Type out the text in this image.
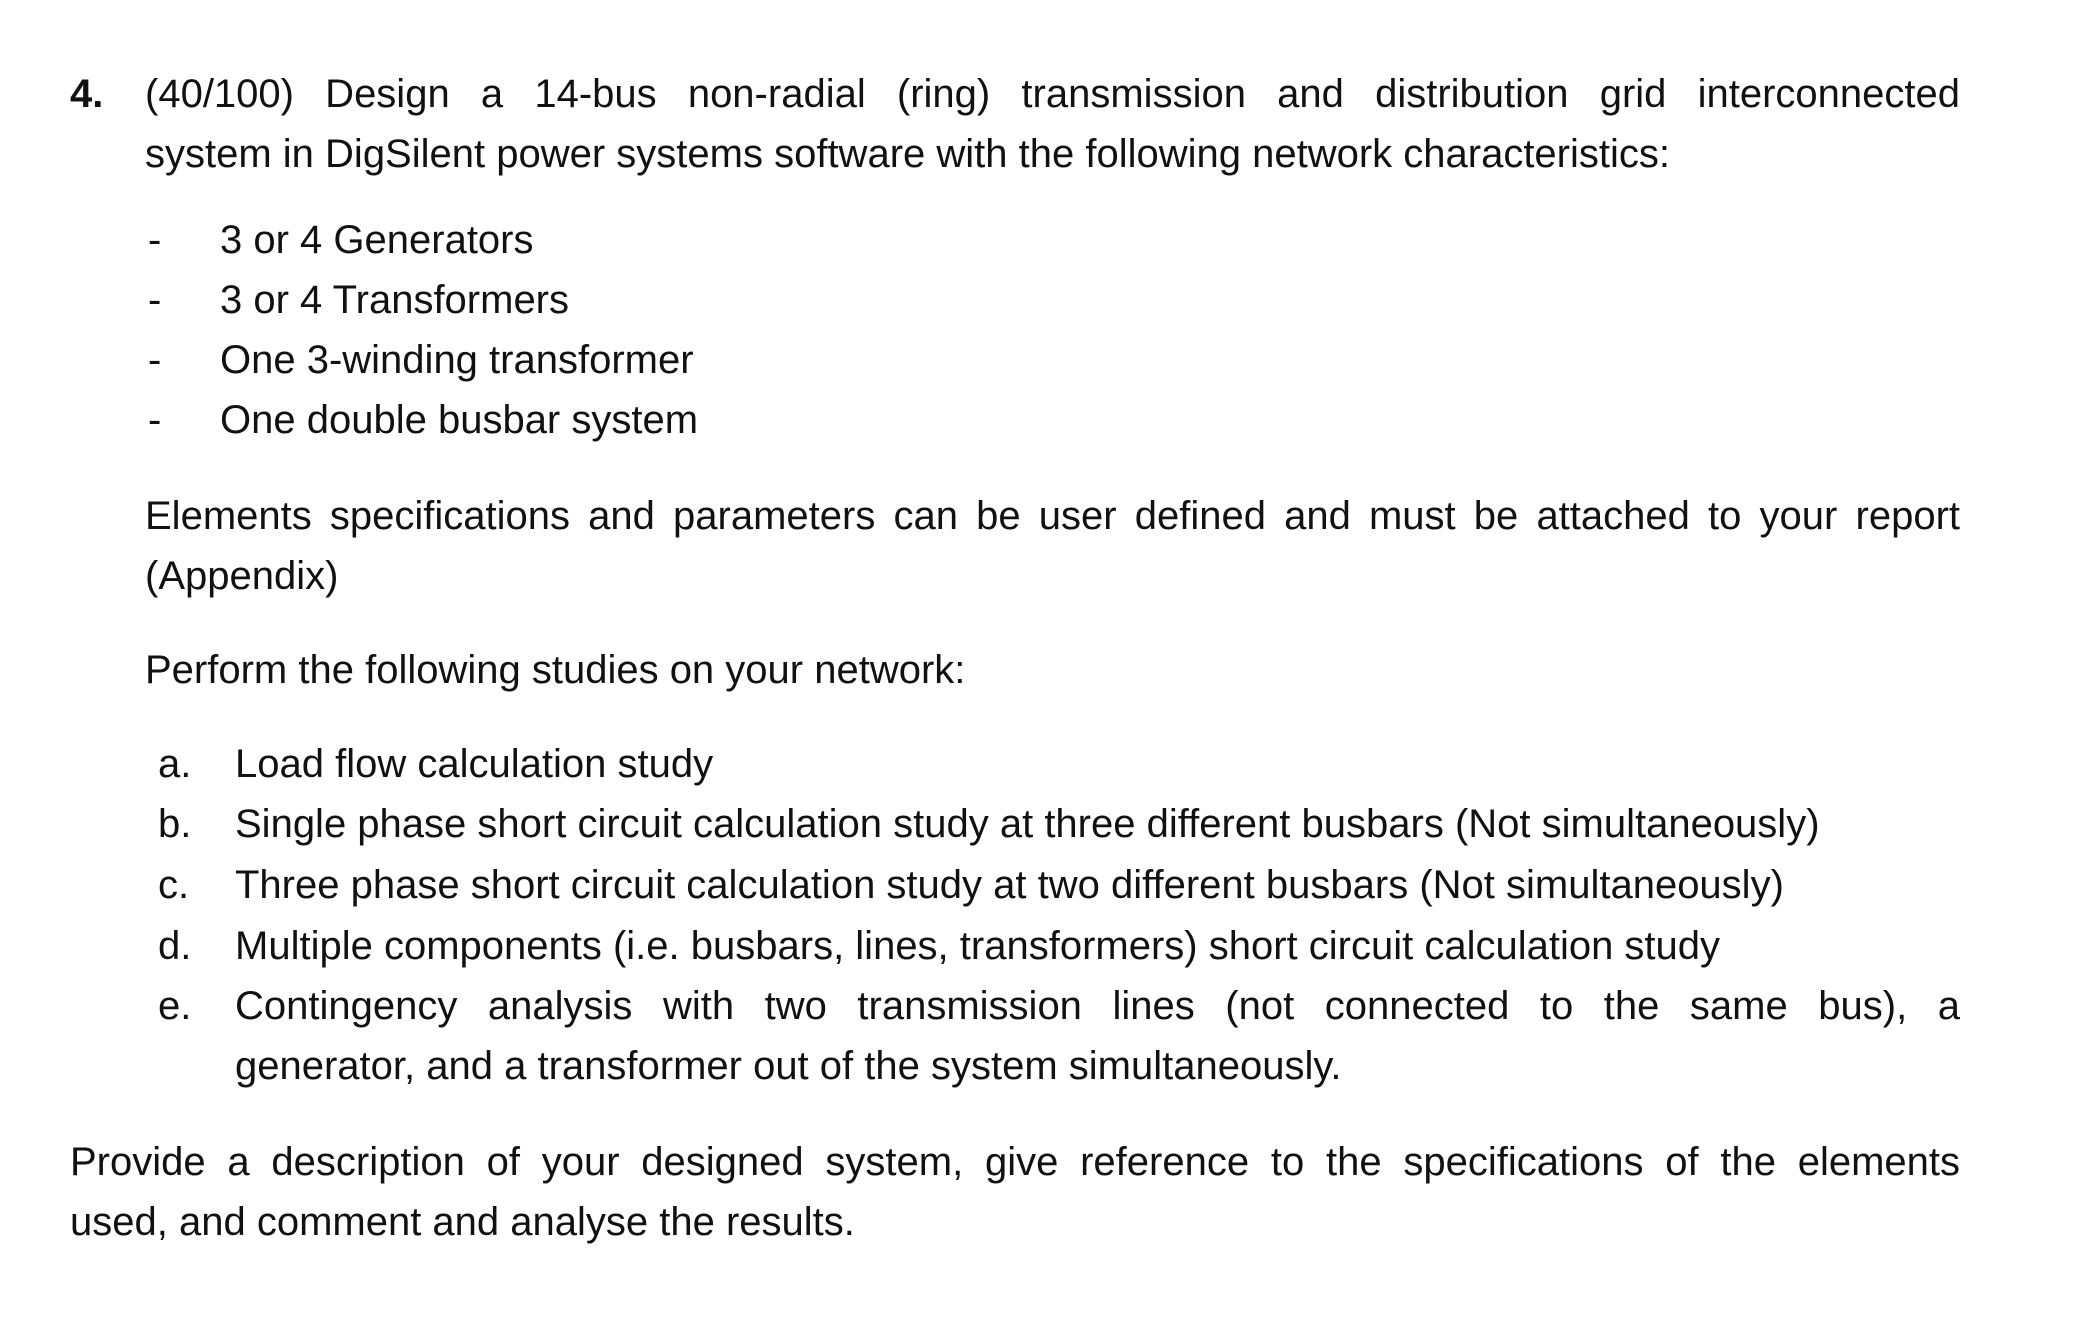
4. (40/100) Design a 14-bus non-radial (ring) transmission and distribution grid interconnected
system in DigSilent power systems software with the following network characteristics:
- 3 or 4 Generators
- 3 or 4 Transformers
- One 3-winding transformer
- One double busbar system
Elements specifications and parameters can be user defined and must be attached to your report
(Appendix)
Perform the following studies on your network:
a. Load flow calculation study
b. Single phase short circuit calculation study at three different busbars (Not simultaneously)
c. Three phase short circuit calculation study at two different busbars (Not simultaneously)
d. Multiple components (i.e. busbars, lines, transformers) short circuit calculation study
e. Contingency analysis with two transmission lines (not connected to the same bus), a
generator, and a transformer out of the system simultaneously.
Provide a description of your designed system, give reference to the specifications of the elements
used, and comment and analyse the results.
